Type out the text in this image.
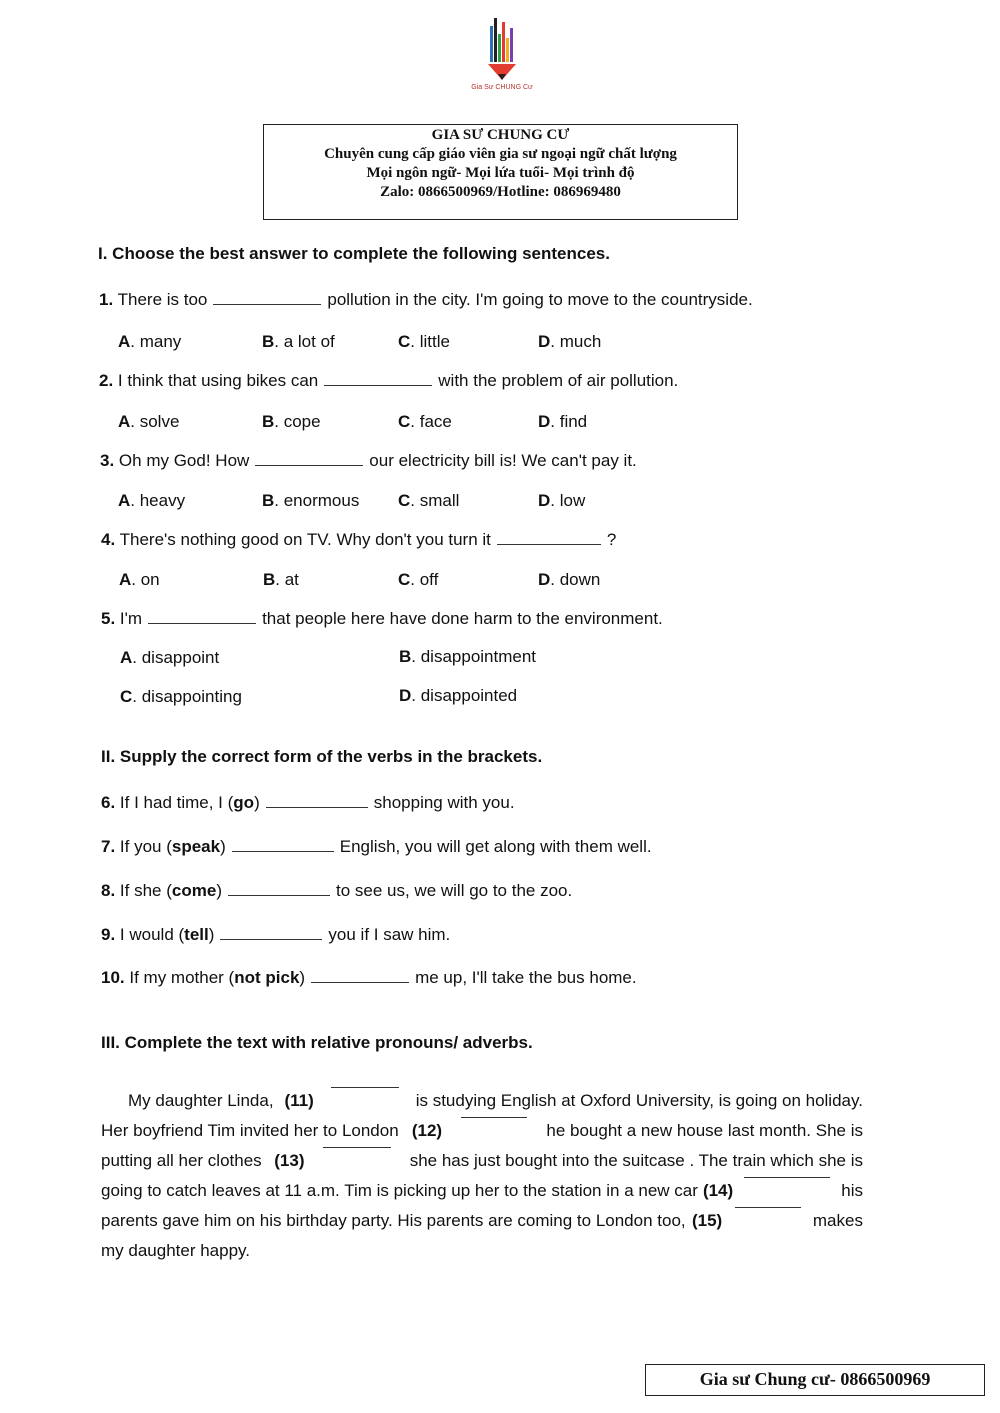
Gia Sư CHUNG Cư
GIA SƯ CHUNG CƯ
Chuyên cung cấp giáo viên gia sư ngoại ngữ chất lượng
Mọi ngôn ngữ- Mọi lứa tuổi- Mọi trình độ
Zalo: 0866500969/Hotline: 086969480
I. Choose the best answer to complete the following sentences.
1. There is too	pollution in the city. I'm going to move to the countryside.
A. many	B. a lot of	C. little	D. much
2. I think that using bikes can	with the problem of air pollution.
A. solve	B. cope	C. face	D. find
3. Oh my God! How	our electricity bill is! We can't pay it.
A. heavy	B. enormous C. small	D. low
4. There's nothing good on TV. Why don't you turn it	?
A. on	B. at	C. off	D. down
5. I'm	that people here have done harm to the environment.
A. disappoint	B. disappointment
C. disappointing	D. disappointed
II. Supply the correct form of the verbs in the brackets.
6. If I had time, I (go)	shopping with you.
7. If you (speak)	English, you will get along with them well.
8. If she (come)	to see us, we will go to the zoo.
9. I would (tell)	you if I saw him.
10. If my mother (not pick)	me up, I'll take the bus home.
III. Complete the text with relative pronouns/ adverbs.
My daughter Linda, (11)	is studying English at Oxford University, is going on holiday.
Her boyfriend Tim invited her to London (12)	he bought a new house last month. She is
putting all her clothes (13)	she has just bought into the suitcase . The train which she is
going to catch leaves at 11 a.m. Tim is picking up her to the station in a new car (14)	his
parents gave him on his birthday party. His parents are coming to London too, (15)	makes
my daughter happy.
Gia sư Chung cư- 0866500969
